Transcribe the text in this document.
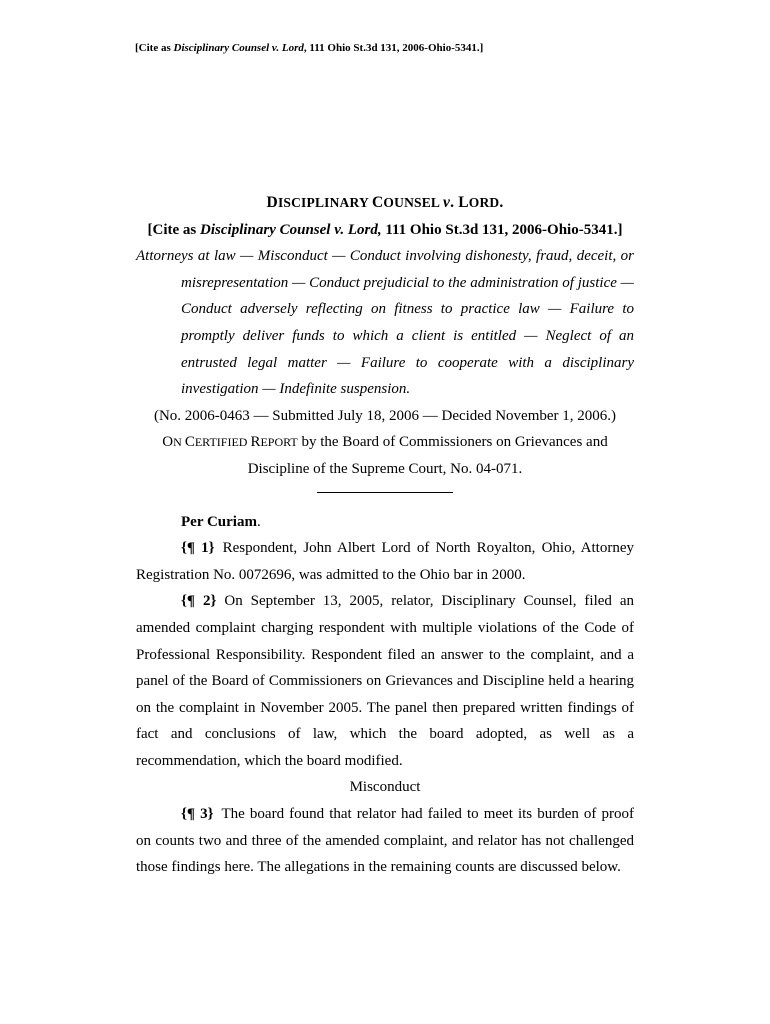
[Cite as Disciplinary Counsel v. Lord, 111 Ohio St.3d 131, 2006-Ohio-5341.]
DISCIPLINARY COUNSEL v. LORD.
[Cite as Disciplinary Counsel v. Lord, 111 Ohio St.3d 131, 2006-Ohio-5341.]

Attorneys at law — Misconduct — Conduct involving dishonesty, fraud, deceit, or misrepresentation — Conduct prejudicial to the administration of justice — Conduct adversely reflecting on fitness to practice law — Failure to promptly deliver funds to which a client is entitled — Neglect of an entrusted legal matter — Failure to cooperate with a disciplinary investigation — Indefinite suspension.

(No. 2006-0463 — Submitted July 18, 2006 — Decided November 1, 2006.)
ON CERTIFIED REPORT by the Board of Commissioners on Grievances and
Discipline of the Supreme Court, No. 04-071.

Per Curiam.

{¶ 1} Respondent, John Albert Lord of North Royalton, Ohio, Attorney Registration No. 0072696, was admitted to the Ohio bar in 2000.

{¶ 2} On September 13, 2005, relator, Disciplinary Counsel, filed an amended complaint charging respondent with multiple violations of the Code of Professional Responsibility. Respondent filed an answer to the complaint, and a panel of the Board of Commissioners on Grievances and Discipline held a hearing on the complaint in November 2005. The panel then prepared written findings of fact and conclusions of law, which the board adopted, as well as a recommendation, which the board modified.

Misconduct

{¶ 3} The board found that relator had failed to meet its burden of proof on counts two and three of the amended complaint, and relator has not challenged those findings here. The allegations in the remaining counts are discussed below.
